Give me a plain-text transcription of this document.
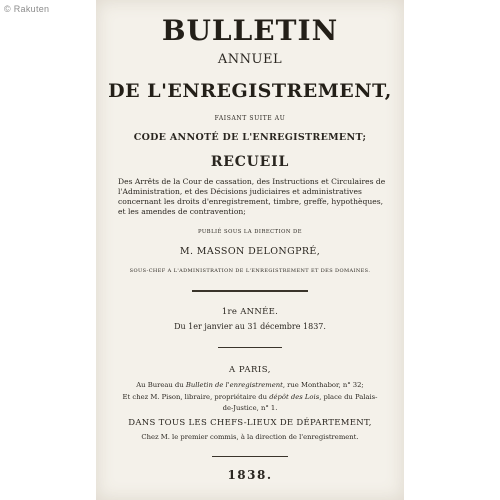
© Rakuten
BULLETIN
ANNUEL
DE L'ENREGISTREMENT,
FAISANT SUITE AU
CODE ANNOTÉ DE L'ENREGISTREMENT;
RECUEIL
Des Arrêts de la Cour de cassation, des Instructions et Circulaires de
l'Administration, et des Décisions judiciaires et administratives
concernant les droits d'enregistrement, timbre, greffe, hypothèques,
et les amendes de contravention;
PUBLIÉ SOUS LA DIRECTION DE
M. MASSON DELONGPRÉ,
SOUS-CHEF A L'ADMINISTRATION DE L'ENREGISTREMENT ET DES DOMAINES.
1re ANNÉE.
Du 1er janvier au 31 décembre 1837.
A PARIS,
Au Bureau du Bulletin de l'enregistrement, rue Monthabor, n° 32;
Et chez M. Pison, libraire, propriétaire du dépôt des Lois, place du Palais-
de-Justice, n° 1.
DANS TOUS LES CHEFS-LIEUX DE DÉPARTEMENT,
Chez M. le premier commis, à la direction de l'enregistrement.
1838.
